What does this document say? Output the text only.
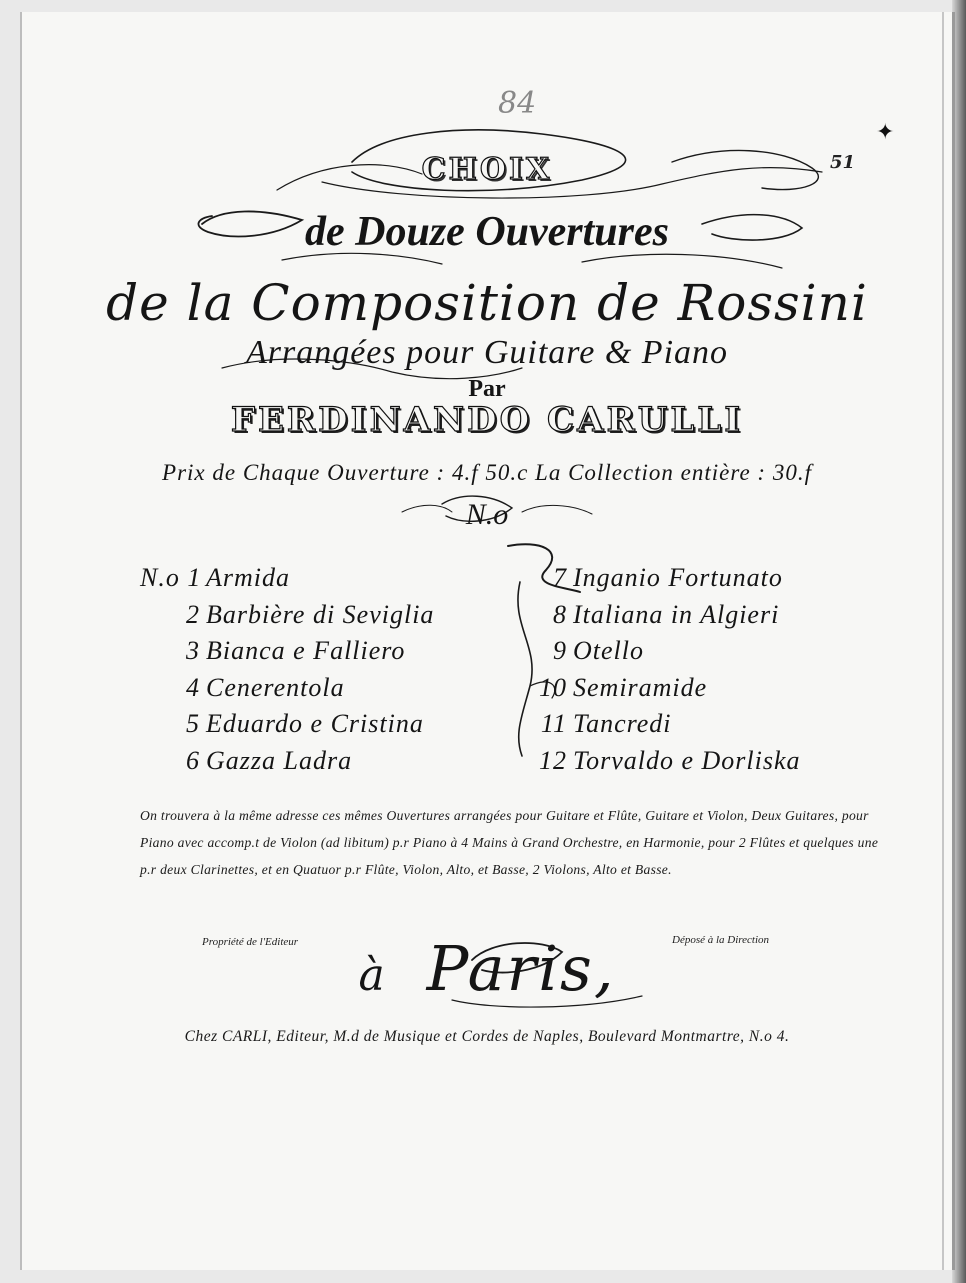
84
51
✦
CHOIX
de Douze Ouvertures
de la Composition de Rossini
Arrangées pour Guitare & Piano
Par
FERDINANDO CARULLI
Prix de Chaque Ouverture : 4.f 50.c La Collection entière : 30.f
N.o
N.o 1 Armida
2 Barbière di Seviglia
3 Bianca e Falliero
4 Cenerentola
5 Eduardo e Cristina
6 Gazza Ladra
7 Inganio Fortunato
8 Italiana in Algieri
9 Otello
10 Semiramide
11 Tancredi
12 Torvaldo e Dorliska
On trouvera à la même adresse ces mêmes Ouvertures arrangées pour Guitare et Flûte, Guitare et Violon, Deux Guitares, pour Piano avec accomp.t de Violon (ad libitum) p.r Piano à 4 Mains à Grand Orchestre, en Harmonie, pour 2 Flûtes et quelques une p.r deux Clarinettes, et en Quatuor p.r Flûte, Violon, Alto, et Basse, 2 Violons, Alto et Basse.
Propriété de l'Editeur	Déposé à la Direction
à Paris,
Chez CARLI, Editeur, M.d de Musique et Cordes de Naples, Boulevard Montmartre, N.o 4.
